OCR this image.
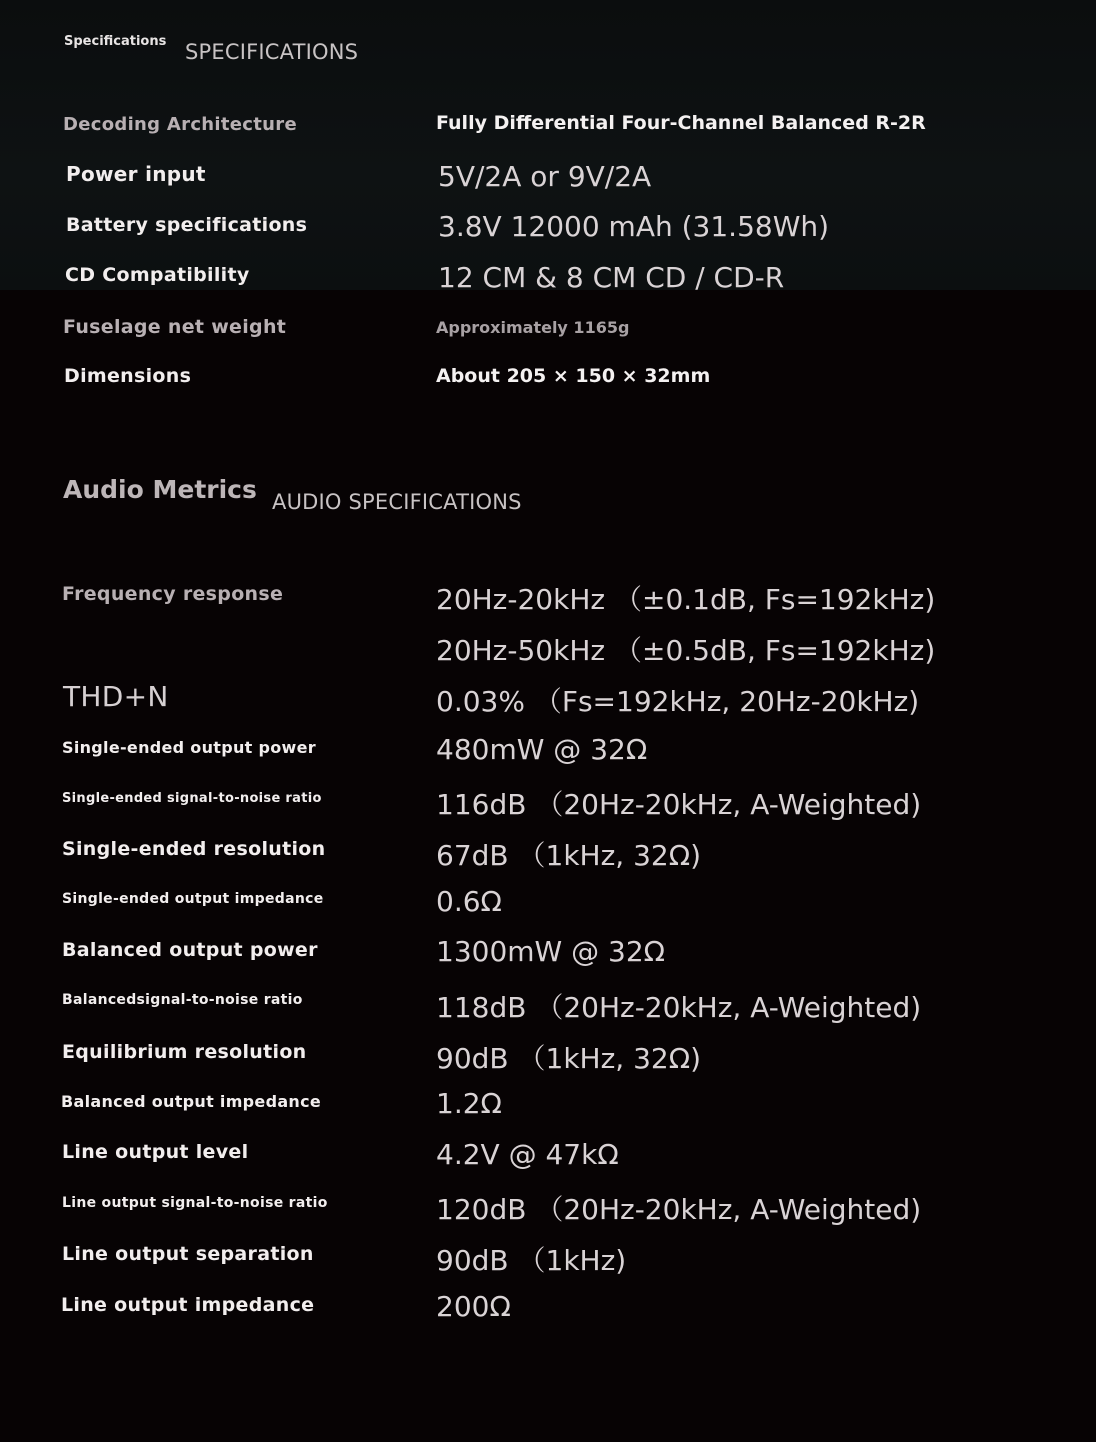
Specifications SPECIFICATIONS
Decoding Architecture	Fully Differential Four-Channel Balanced R-2R
Power input	5V/2A or 9V/2A
Battery specifications	3.8V 12000 mAh (31.58Wh)
CD Compatibility	12 CM & 8 CM CD / CD-R
Fuselage net weight	Approximately 1165g
Dimensions	About 205 × 150 × 32mm
Audio Metrics AUDIO SPECIFICATIONS
Frequency response	20Hz-20kHz （±0.1dB, Fs=192kHz)
20Hz-50kHz （±0.5dB, Fs=192kHz)
THD+N	0.03% （Fs=192kHz, 20Hz-20kHz)
Single-ended output power	480mW @ 32Ω
Single-ended signal-to-noise ratio	116dB （20Hz-20kHz, A-Weighted)
Single-ended resolution	67dB （1kHz, 32Ω)
Single-ended output impedance	0.6Ω
Balanced output power	1300mW @ 32Ω
Balancedsignal-to-noise ratio	118dB （20Hz-20kHz, A-Weighted)
Equilibrium resolution	90dB （1kHz, 32Ω)
Balanced output impedance	1.2Ω
Line output level	4.2V @ 47kΩ
Line output signal-to-noise ratio	120dB （20Hz-20kHz, A-Weighted)
Line output separation	90dB （1kHz)
Line output impedance	200Ω
